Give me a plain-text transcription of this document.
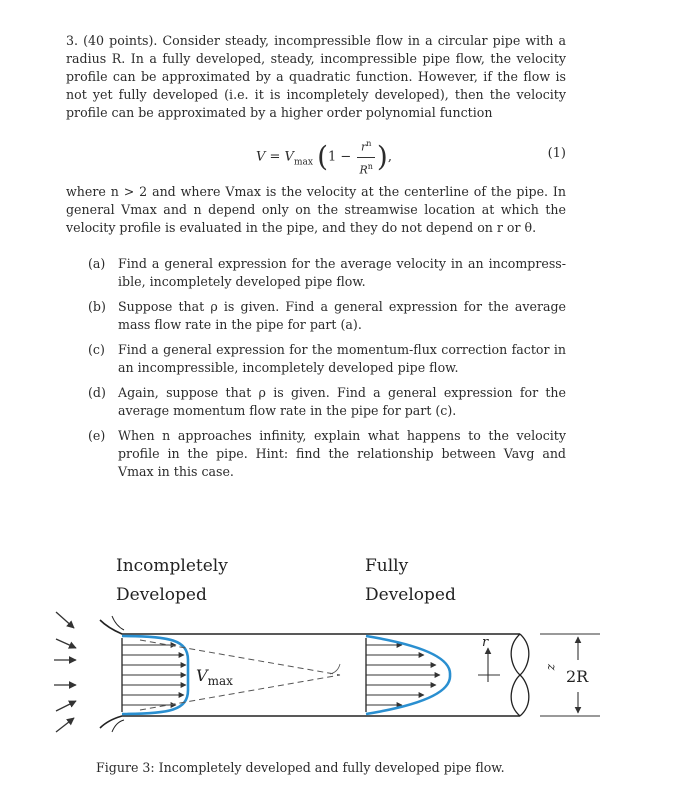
3. (40 points). Consider steady, incompressible flow in a circular pipe with a radius R. In a fully developed, steady, incompressible pipe flow, the velocity profile can be approximated by a quadratic function. However, if the flow is not yet fully developed (i.e. it is incompletely developed), then the velocity profile can be approximated by a higher order polynomial function

$V = V_{max}$ ($1 - \frac{r^n}{R^n}$ ),	(1)

where n > 2 and where Vmax is the velocity at the centerline of the pipe. In general Vmax and n depend only on the streamwise location at which the velocity profile is evaluated in the pipe, and they do not depend on r or θ.

(a) Find a general expression for the average velocity in an incompress-ible, incompletely developed pipe flow.
(b) Suppose that ρ is given. Find a general expression for the average mass flow rate in the pipe for part (a).
(c) Find a general expression for the momentum-flux correction factor in an incompressible, incompletely developed pipe flow.
(d) Again, suppose that ρ is given. Find a general expression for the average momentum flow rate in the pipe for part (c).
(e) When n approaches infinity, explain what happens to the velocity profile in the pipe. Hint: find the relationship between Vavg and Vmax in this case.
Incompletely
Developed
Fully
Developed
$V_{max}$
r
z 2R
Figure 3: Incompletely developed and fully developed pipe flow.
